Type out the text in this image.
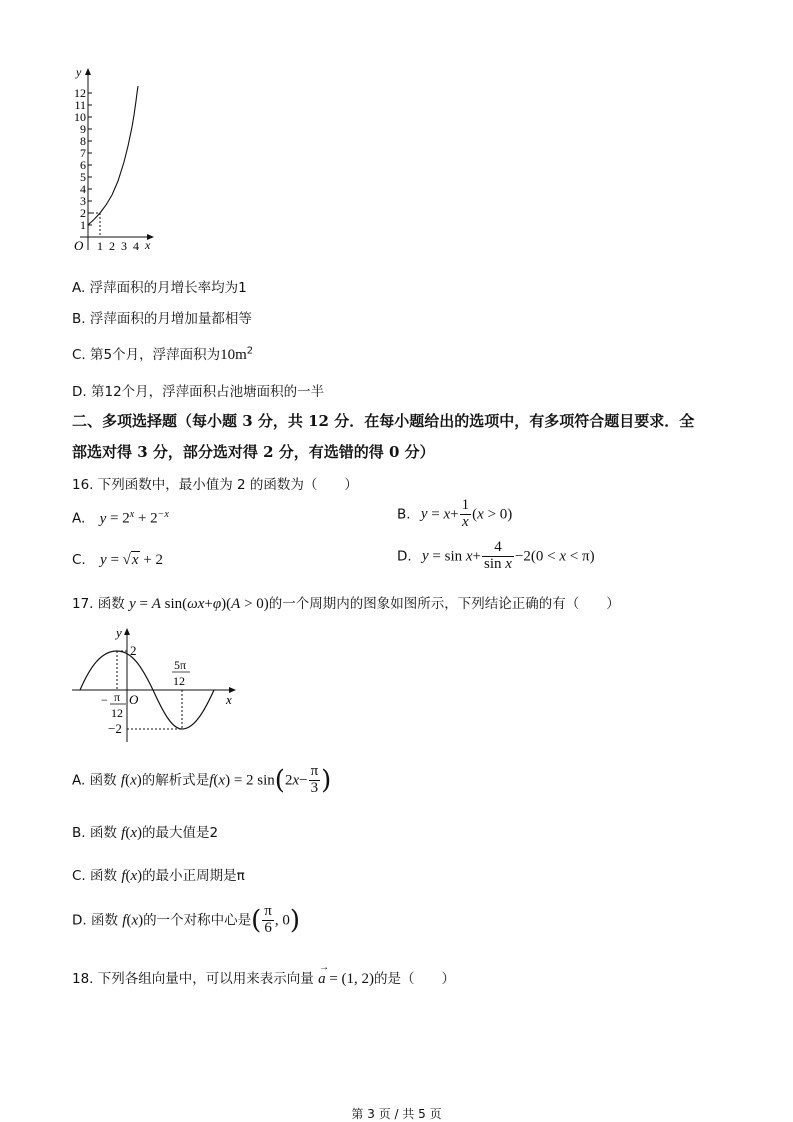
12
11
10
9
8
7
6
5
4
3
2
1
y
O 1 2 3 4 x
A. 浮萍面积的月增长率均为1
B. 浮萍面积的月增加量都相等
C. 第5个月，浮萍面积为$10m^2$
D. 第12个月，浮萍面积占池塘面积的一半
二、多项选择题（每小题 3 分，共 12 分．在每小题给出的选项中，有多项符合题目要求．全
部选对得 3 分，部分选对得 2 分，有选错的得 0 分）
16. 下列函数中，最小值为 2 的函数为（　　）
A. $y = 2^x + 2^{-x}$	B. $y = x+ \frac{1}{x} (x > 0)$
C. y = √x + 2	D. $y = \sin x+ \frac{4}{\text{sin x}} -2(0 < x < \pi)$
17. 函数 y = A sin(ωx+φ)(A > 0)的一个周期内的图象如图所示，下列结论正确的有（　　）
y
x
O
2
−2
− π
12
5π
12
A. 函数 f(x)的解析式是f(x) = 2 $\sin(2x- \frac{\pi}{3}$ )
B. 函数 f(x)的最大值是2
C. 函数 f(x)的最小正周期是π
D. 函数 f(x)的一个对称中心是( $\frac{\pi}{6}$ , 0)
18. 下列各组向量中，可以用来表示向量 a
→
= (1, 2)的是（　　）
第 3 页 / 共 5 页
